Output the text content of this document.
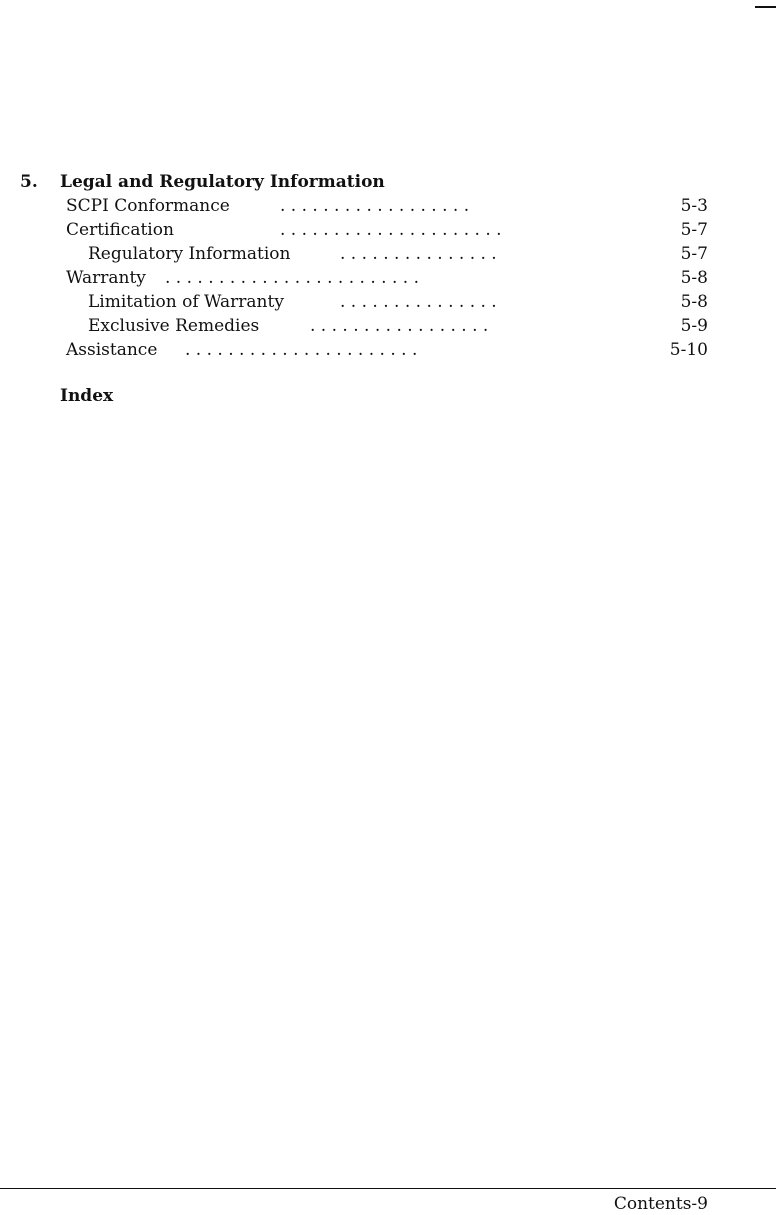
5. Legal and Regulatory Information
SCPI Conformance	. . . . . . . . . . . . . . . . . .	5-3
Certification	. . . . . . . . . . . . . . . . . . . . .	5-7
Regulatory Information	. . . . . . . . . . . . . . .	5-7
Warranty . . . . . . . . . . . . . . . . . . . . . . . .	5-8
Limitation of Warranty	. . . . . . . . . . . . . . .	5-8
Exclusive Remedies	. . . . . . . . . . . . . . . . .	5-9
Assistance . . . . . . . . . . . . . . . . . . . . . .	5-10
Index
Contents-9
